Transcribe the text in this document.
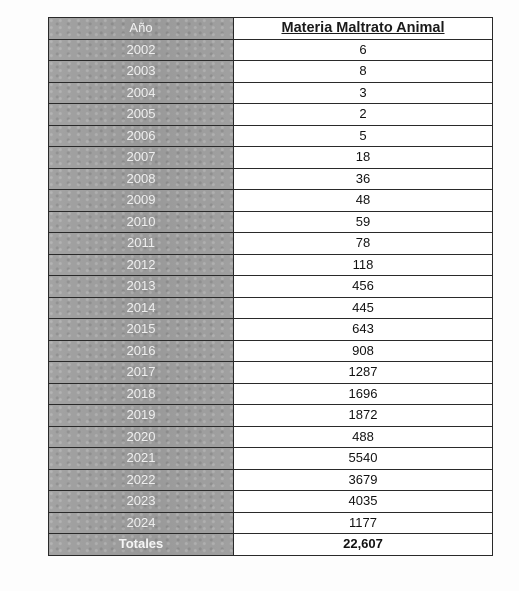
Año	Materia Maltrato Animal
2002	6
2003	8
2004	3
2005	2
2006	5
2007	18
2008	36
2009	48
2010	59
2011	78
2012	118
2013	456
2014	445
2015	643
2016	908
2017	1287
2018	1696
2019	1872
2020	488
2021	5540
2022	3679
2023	4035
2024	1177
Totales	22,607
